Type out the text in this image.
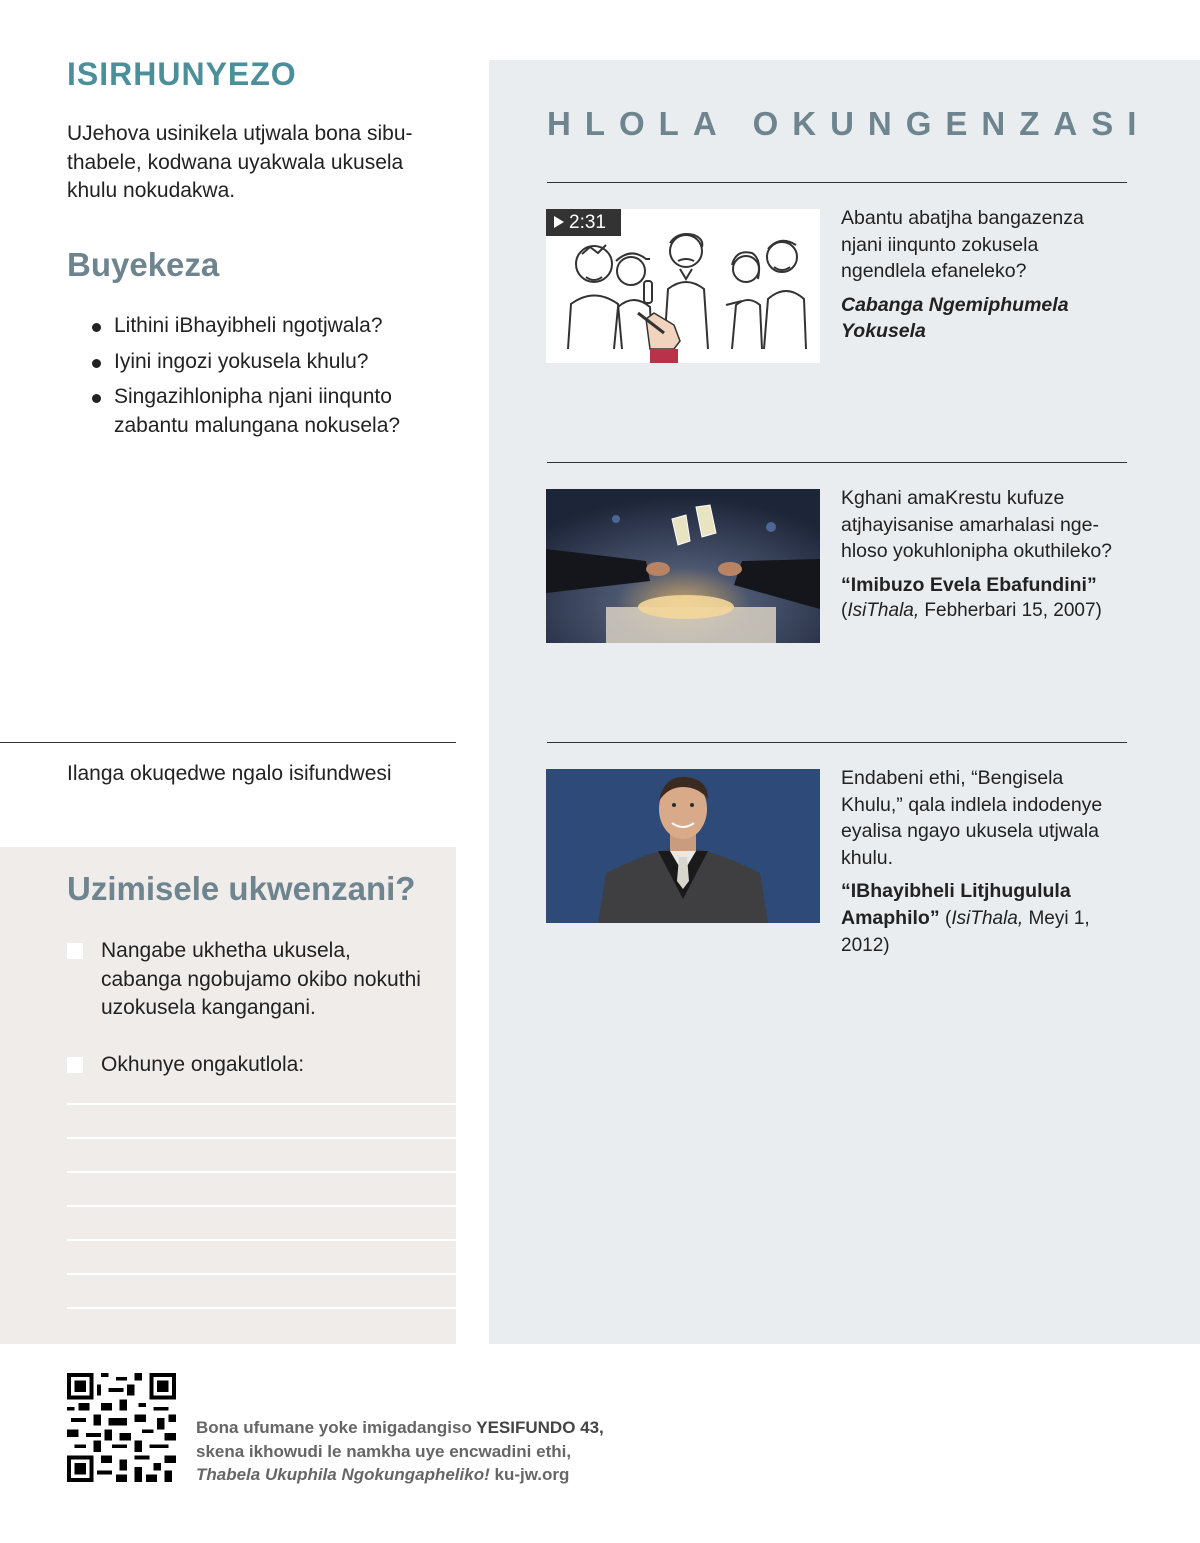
ISIRHUNYEZO
UJehova usinikela utjwala bona sibuthabele, kodwana uyakwala ukusela khulu nokudakwa.
Buyekeza
Lithini iBhayibheli ngotjwala?
Iyini ingozi yokusela khulu?
Singazihlonipha njani iinqunto zabantu malungana nokusela?
Ilanga okuqedwe ngalo isifundwesi
Uzimisele ukwenzani?
Nangabe ukhetha ukusela, cabanga ngobujamo okibo nokuthi uzokusela kangangani.
Okhunye ongakutlola:
HLOLA OKUNGENZASI
2:31	Abantu abatjha bangazenza njani iinqunto zokusela ngendlela efaneleko?
Cabanga Ngemiphumela Yokusela
Kghani amaKrestu kufuze atjhayisanise amarhalasi ngehloso yokuhlonipha okuthileko?
“Imibuzo Evela Ebafundini”
(IsiThala, Febherbari 15, 2007)
Endabeni ethi, “Bengisela Khulu,” qala indlela indodenye eyalisa ngayo ukusela utjwala khulu.
“IBhayibheli Litjhugulula Amaphilo” (IsiThala, Meyi 1, 2012)
Bona ufumane yoke imigadangiso YESIFUNDO 43,
skena ikhowudi le namkha uye encwadini ethi,
Thabela Ukuphila Ngokungapheliko! ku-jw.org
